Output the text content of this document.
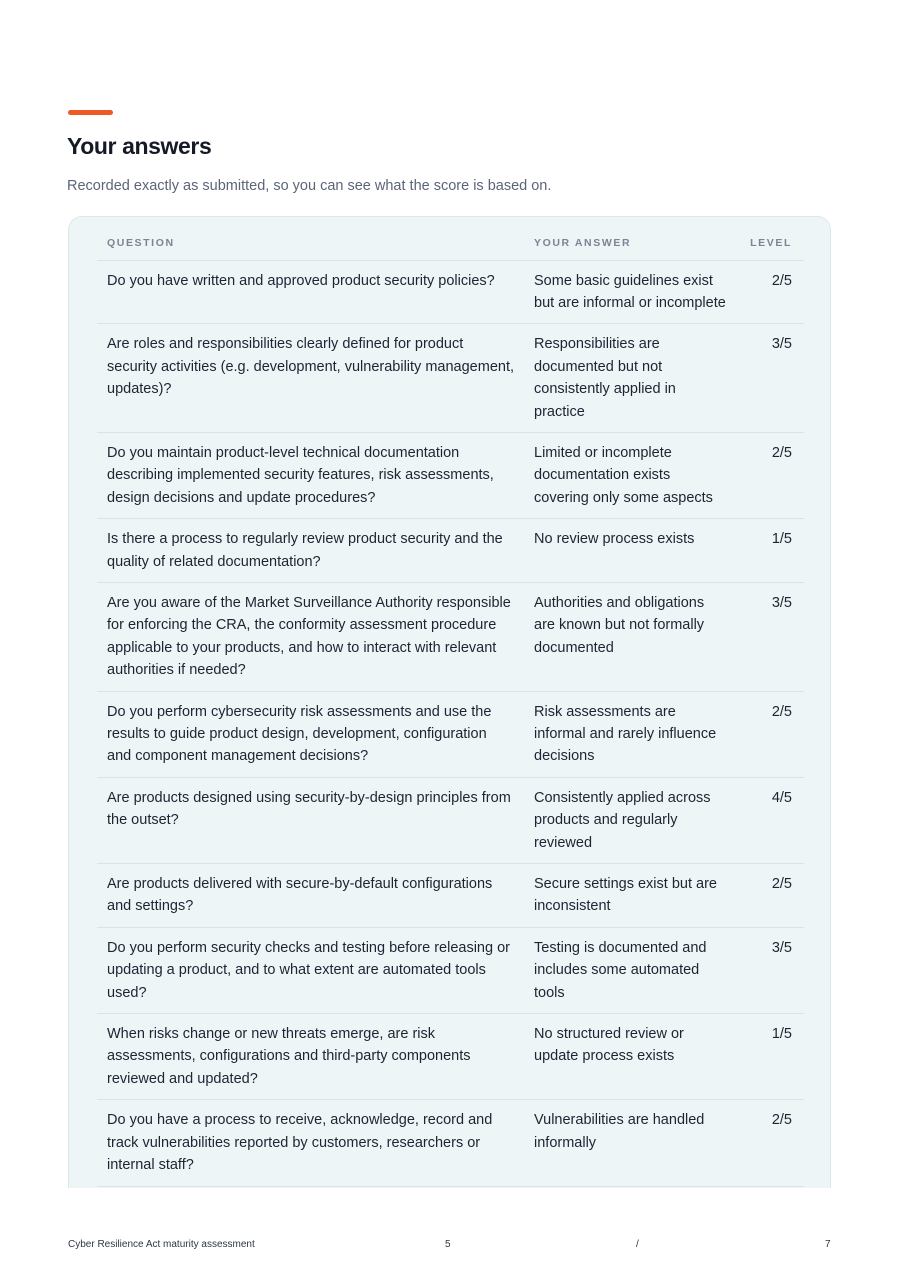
Your answers

Recorded exactly as submitted, so you can see what the score is based on.

QUESTION	YOUR ANSWER	LEVEL
Do you have written and approved product security policies?	Some basic guidelines exist but are informal or incomplete	2/5
Are roles and responsibilities clearly defined for product security activities (e.g. development, vulnerability management, updates)?	Responsibilities are documented but not consistently applied in practice	3/5
Do you maintain product-level technical documentation describing implemented security features, risk assessments, design decisions and update procedures?	Limited or incomplete documentation exists covering only some aspects	2/5
Is there a process to regularly review product security and the quality of related documentation?	No review process exists	1/5
Are you aware of the Market Surveillance Authority responsible for enforcing the CRA, the conformity assessment procedure applicable to your products, and how to interact with relevant authorities if needed?	Authorities and obligations are known but not formally documented	3/5
Do you perform cybersecurity risk assessments and use the results to guide product design, development, configuration and component management decisions?	Risk assessments are informal and rarely influence decisions	2/5
Are products designed using security-by-design principles from the outset?	Consistently applied across products and regularly reviewed	4/5
Are products delivered with secure-by-default configurations and settings?	Secure settings exist but are inconsistent	2/5
Do you perform security checks and testing before releasing or updating a product, and to what extent are automated tools used?	Testing is documented and includes some automated tools	3/5
When risks change or new threats emerge, are risk assessments, configurations and third-party components reviewed and updated?	No structured review or update process exists	1/5
Do you have a process to receive, acknowledge, record and track vulnerabilities reported by customers, researchers or internal staff?	Vulnerabilities are handled informally	2/5
Cyber Resilience Act maturity assessment	5	/	7
